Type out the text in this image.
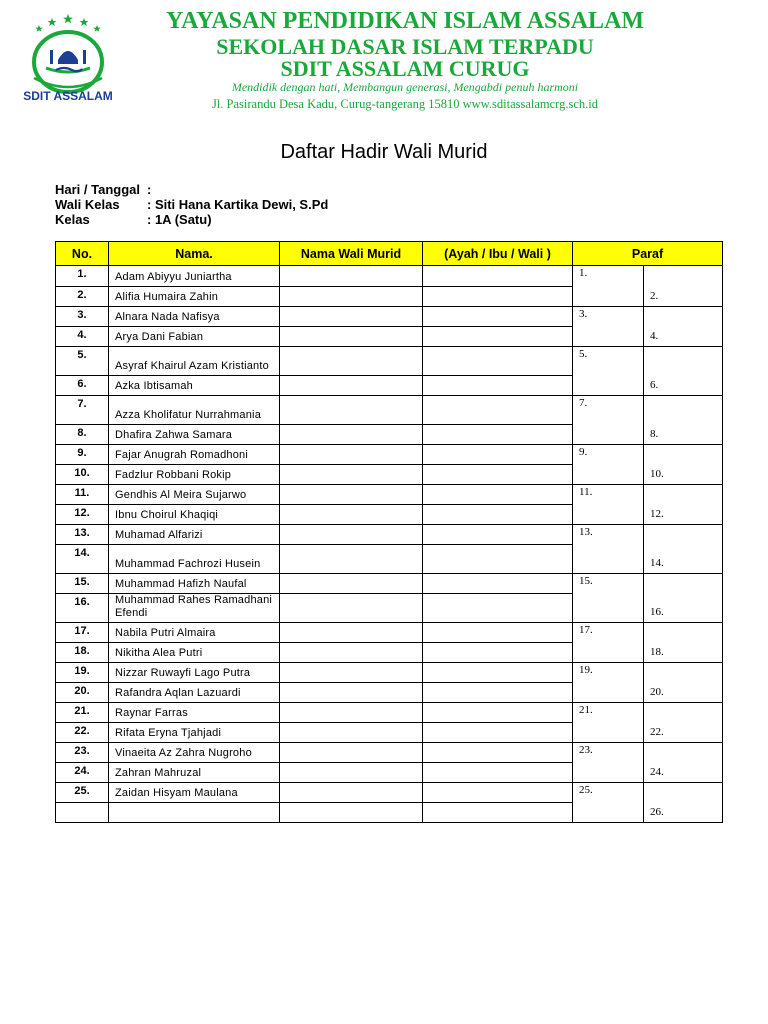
SDIT ASSALAM
YAYASAN PENDIDIKAN ISLAM ASSALAM
SEKOLAH DASAR ISLAM TERPADU
SDIT ASSALAM CURUG
Mendidik dengan hati, Membangun generasi, Mengabdi penuh harmoni
Jl. Pasirandu Desa Kadu, Curug-tangerang 15810 www.sditassalamcrg.sch.id
Daftar Hadir Wali Murid
Hari / Tanggal :
Wali Kelas : Siti Hana Kartika Dewi, S.Pd
Kelas	: 1A (Satu)
No.	Nama.	Nama Wali Murid	(Ayah / Ibu / Wali )	Paraf	
1.	Adam Abiyyu Juniartha			1.	2.
2.	Alifia Humaira Zahin				
3.	Alnara Nada Nafisya			3.	4.
4.	Arya Dani Fabian				
5.	Asyraf Khairul Azam Kristianto			5.	6.
6.	Azka Ibtisamah				
7.	Azza Kholifatur Nurrahmania			7.	8.
8.	Dhafira Zahwa Samara				
9.	Fajar Anugrah Romadhoni			9.	10.
10.	Fadzlur Robbani Rokip				
11.	Gendhis Al Meira Sujarwo			11.	12.
12.	Ibnu Choirul Khaqiqi				
13.	Muhamad Alfarizi			13.	14.
14.	Muhammad Fachrozi Husein				
15.	Muhammad Hafizh Naufal			15.	16.
16.	Muhammad Rahes Ramadhani Efendi				
17.	Nabila Putri Almaira			17.	18.
18.	Nikitha Alea Putri				
19.	Nizzar Ruwayfi Lago Putra			19.	20.
20.	Rafandra Aqlan Lazuardi				
21.	Raynar Farras			21.	22.
22.	Rifata Eryna Tjahjadi				
23.	Vinaeita Az Zahra Nugroho			23.	24.
24.	Zahran Mahruzal				
25.	Zaidan Hisyam Maulana			25.	26.
